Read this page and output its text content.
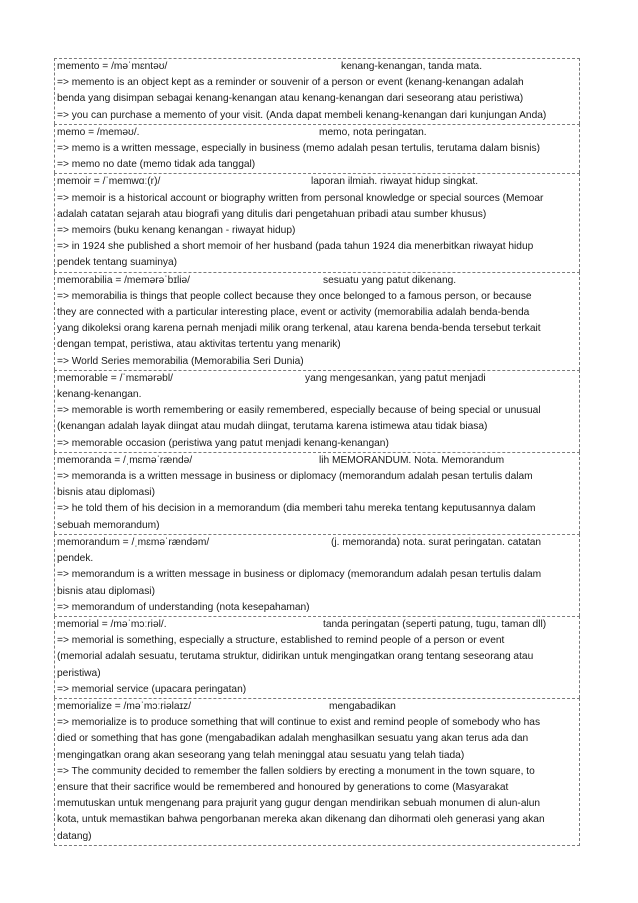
memento = /məˈmɛntəʊ/	kenang-kenangan, tanda mata.
=> memento is an object kept as a reminder or souvenir of a person or event (kenang-kenangan adalah
benda yang disimpan sebagai kenang-kenangan atau kenang-kenangan dari seseorang atau peristiwa)
=> you can purchase a memento of your visit. (Anda dapat membeli kenang-kenangan dari kunjungan Anda)
memo = /meməʊ/.	memo, nota peringatan.
=> memo is a written message, especially in business (memo adalah pesan tertulis, terutama dalam bisnis)
=> memo no date (memo tidak ada tanggal)
memoir = /ˈmemwɑː(r)/	laporan ilmiah. riwayat hidup singkat.
=> memoir is a historical account or biography written from personal knowledge or special sources (Memoar
adalah catatan sejarah atau biografi yang ditulis dari pengetahuan pribadi atau sumber khusus)
=> memoirs (buku kenang kenangan - riwayat hidup)
=> in 1924 she published a short memoir of her husband (pada tahun 1924 dia menerbitkan riwayat hidup
pendek tentang suaminya)
memorabilia = /memərəˈbɪliə/	sesuatu yang patut dikenang.
=> memorabilia is things that people collect because they once belonged to a famous person, or because
they are connected with a particular interesting place, event or activity (memorabilia adalah benda-benda
yang dikoleksi orang karena pernah menjadi milik orang terkenal, atau karena benda-benda tersebut terkait
dengan tempat, peristiwa, atau aktivitas tertentu yang menarik)
=> World Series memorabilia (Memorabilia Seri Dunia)
memorable = /ˈmɛmərəbl/	yang mengesankan, yang patut menjadi
kenang-kenangan.
=> memorable is worth remembering or easily remembered, especially because of being special or unusual
(kenangan adalah layak diingat atau mudah diingat, terutama karena istimewa atau tidak biasa)
=> memorable occasion (peristiwa yang patut menjadi kenang-kenangan)
memoranda = /ˌmɛməˈrændə/	lih MEMORANDUM. Nota. Memorandum
=> memoranda is a written message in business or diplomacy (memorandum adalah pesan tertulis dalam
bisnis atau diplomasi)
=> he told them of his decision in a memorandum (dia memberi tahu mereka tentang keputusannya dalam
sebuah memorandum)
memorandum = /ˌmɛməˈrændəm/	(j. memoranda) nota. surat peringatan. catatan
pendek.
=> memorandum is a written message in business or diplomacy (memorandum adalah pesan tertulis dalam
bisnis atau diplomasi)
=> memorandum of understanding (nota kesepahaman)
memorial = /məˈmɔːriəl/.	tanda peringatan (seperti patung, tugu, taman dll)
=> memorial is something, especially a structure, established to remind people of a person or event
(memorial adalah sesuatu, terutama struktur, didirikan untuk mengingatkan orang tentang seseorang atau
peristiwa)
=> memorial service (upacara peringatan)
memorialize = /məˈmɔːriəlaɪz/	mengabadikan
=> memorialize is to produce something that will continue to exist and remind people of somebody who has
died or something that has gone (mengabadikan adalah menghasilkan sesuatu yang akan terus ada dan
mengingatkan orang akan seseorang yang telah meninggal atau sesuatu yang telah tiada)
=> The community decided to remember the fallen soldiers by erecting a monument in the town square, to
ensure that their sacrifice would be remembered and honoured by generations to come (Masyarakat
memutuskan untuk mengenang para prajurit yang gugur dengan mendirikan sebuah monumen di alun-alun
kota, untuk memastikan bahwa pengorbanan mereka akan dikenang dan dihormati oleh generasi yang akan
datang)
